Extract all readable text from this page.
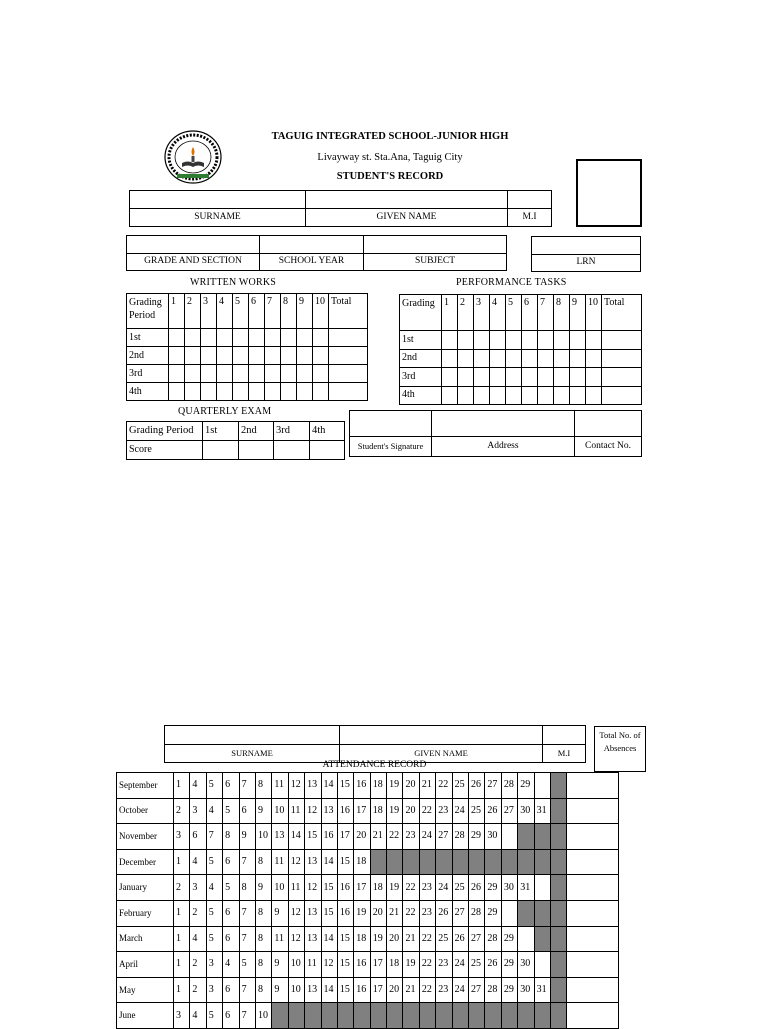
TAGUIG INTEGRATED SCHOOL-JUNIOR HIGH
Livayway st. Sta.Ana, Taguig City
STUDENT'S RECORD

SURNAME	GIVEN NAME	M.I

GRADE AND SECTION	SCHOOL YEAR	SUBJECT	LRN
WRITTEN WORKS	PERFORMANCE TASKS
Grading Period	1	2	3	4	5	6	7	8	9	10	Total
1st											
2nd											
3rd											
4th											
Grading	1	2	3	4	5	6	7	8	9	10	Total
1st											
2nd											
3rd											
4th											
QUARTERLY EXAM
Grading Period	1st	2nd	3rd	4th
Score				
			Student's Signature	Address	Contact No.

SURNAME	GIVEN NAME	M.I
Total No. of Absences
ATTENDANCE RECORD
September	1	4	5	6	7	8	11	12	13	14	15	16	18	19	20	21	22	25	26	27	28	29			
October	2	3	4	5	6	9	10	11	12	13	16	17	18	19	20	22	23	24	25	26	27	30	31		
November	3	6	7	8	9	10	13	14	15	16	17	20	21	22	23	24	27	28	29	30					
December	1	4	5	6	7	8	11	12	13	14	15	18													
January	2	3	4	5	8	9	10	11	12	15	16	17	18	19	22	23	24	25	26	29	30	31			
February	1	2	5	6	7	8	9	12	13	15	16	19	20	21	22	23	26	27	28	29					
March	1	4	5	6	7	8	11	12	13	14	15	18	19	20	21	22	25	26	27	28	29				
April	1	2	3	4	5	8	9	10	11	12	15	16	17	18	19	22	23	24	25	26	29	30			
May	1	2	3	6	7	8	9	10	13	14	15	16	17	20	21	22	23	24	27	28	29	30	31		
June	3	4	5	6	7	10																			
